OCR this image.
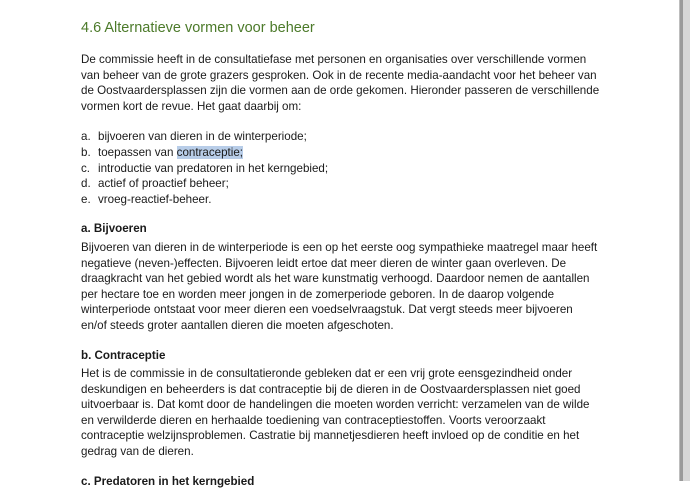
4.6 Alternatieve vormen voor beheer

De commissie heeft in de consultatiefase met personen en organisaties over verschillende vormen

van beheer van de grote grazers gesproken. Ook in de recente media-aandacht voor het beheer van

de Oostvaardersplassen zijn die vormen aan de orde gekomen. Hieronder passeren de verschillende

vormen kort de revue. Het gaat daarbij om:

a. bijvoeren van dieren in de winterperiode;
b. toepassen van contraceptie;
c. introductie van predatoren in het kerngebied;
d. actief of proactief beheer;
e. vroeg-reactief-beheer.
a. Bijvoeren

Bijvoeren van dieren in de winterperiode is een op het eerste oog sympathieke maatregel maar heeft

negatieve (neven-)effecten. Bijvoeren leidt ertoe dat meer dieren de winter gaan overleven. De

draagkracht van het gebied wordt als het ware kunstmatig verhoogd. Daardoor nemen de aantallen

per hectare toe en worden meer jongen in de zomerperiode geboren. In de daarop volgende

winterperiode ontstaat voor meer dieren een voedselvraagstuk. Dat vergt steeds meer bijvoeren

en/of steeds groter aantallen dieren die moeten afgeschoten.

b. Contraceptie

Het is de commissie in de consultatieronde gebleken dat er een vrij grote eensgezindheid onder

deskundigen en beheerders is dat contraceptie bij de dieren in de Oostvaardersplassen niet goed

uitvoerbaar is. Dat komt door de handelingen die moeten worden verricht: verzamelen van de wilde

en verwilderde dieren en herhaalde toediening van contraceptiestoffen. Voorts veroorzaakt

contraceptie welzijnsproblemen. Castratie bij mannetjesdieren heeft invloed op de conditie en het

gedrag van de dieren.

c. Predatoren in het kerngebied
